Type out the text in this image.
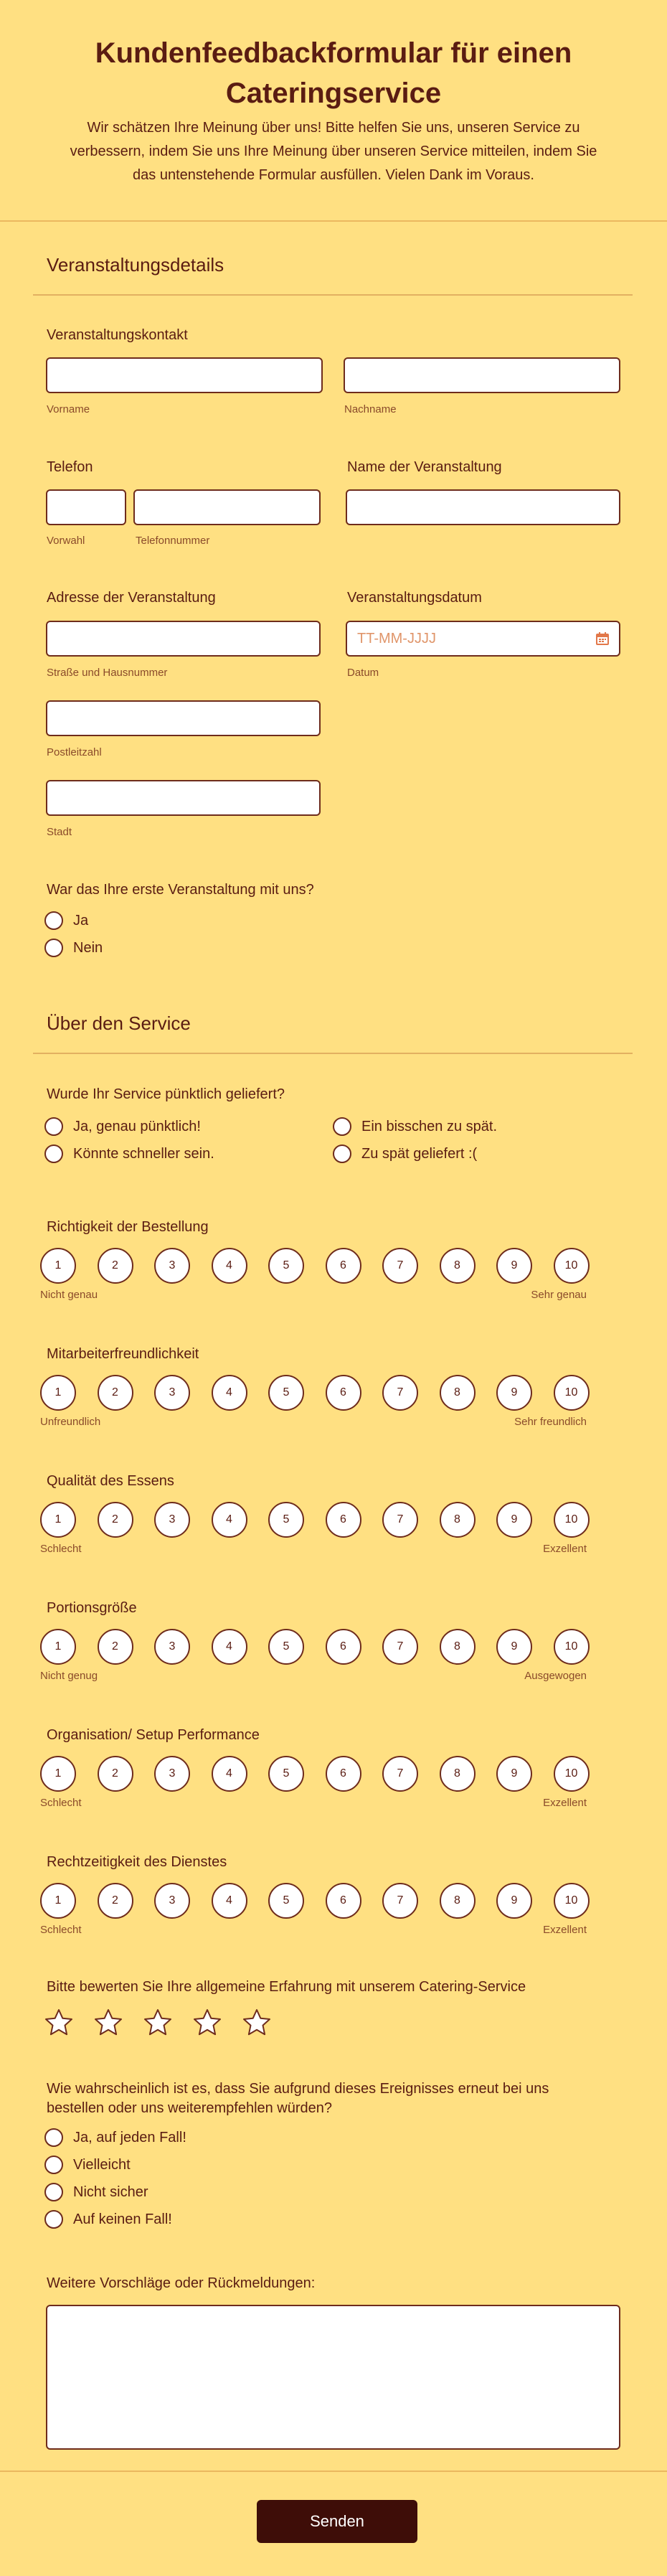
Kundenfeedbackformular für einen Cateringservice

Wir schätzen Ihre Meinung über uns! Bitte helfen Sie uns, unseren Service zu verbessern, indem Sie uns Ihre Meinung über unseren Service mitteilen, indem Sie das untenstehende Formular ausfüllen. Vielen Dank im Voraus.

Veranstaltungsdetails
Veranstaltungskontakt
Vorname	Nachname
Telefon
Vorwahl	Telefonnummer
Name der Veranstaltung
Adresse der Veranstaltung
Straße und Hausnummer
Postleitzahl
Stadt
Veranstaltungsdatum
TT-MM-JJJJ
Datum
War das Ihre erste Veranstaltung mit uns?
Ja
Nein
Über den Service
Wurde Ihr Service pünktlich geliefert?
Ja, genau pünktlich!	Ein bisschen zu spät.
Könnte schneller sein.	Zu spät geliefert :(
Richtigkeit der Bestellung
1	2	3	4	5	6	7	8	9	10
Nicht genau	Sehr genau
Mitarbeiterfreundlichkeit
1	2	3	4	5	6	7	8	9	10
Unfreundlich	Sehr freundlich
Qualität des Essens
1	2	3	4	5	6	7	8	9	10
Schlecht	Exzellent
Portionsgröße
1	2	3	4	5	6	7	8	9	10
Nicht genug	Ausgewogen
Organisation/ Setup Performance
1	2	3	4	5	6	7	8	9	10
Schlecht	Exzellent
Rechtzeitigkeit des Dienstes
1	2	3	4	5	6	7	8	9	10
Schlecht	Exzellent
Bitte bewerten Sie Ihre allgemeine Erfahrung mit unserem Catering-Service
Wie wahrscheinlich ist es, dass Sie aufgrund dieses Ereignisses erneut bei uns bestellen oder uns weiterempfehlen würden?
Ja, auf jeden Fall!
Vielleicht
Nicht sicher
Auf keinen Fall!
Weitere Vorschläge oder Rückmeldungen:
Senden
